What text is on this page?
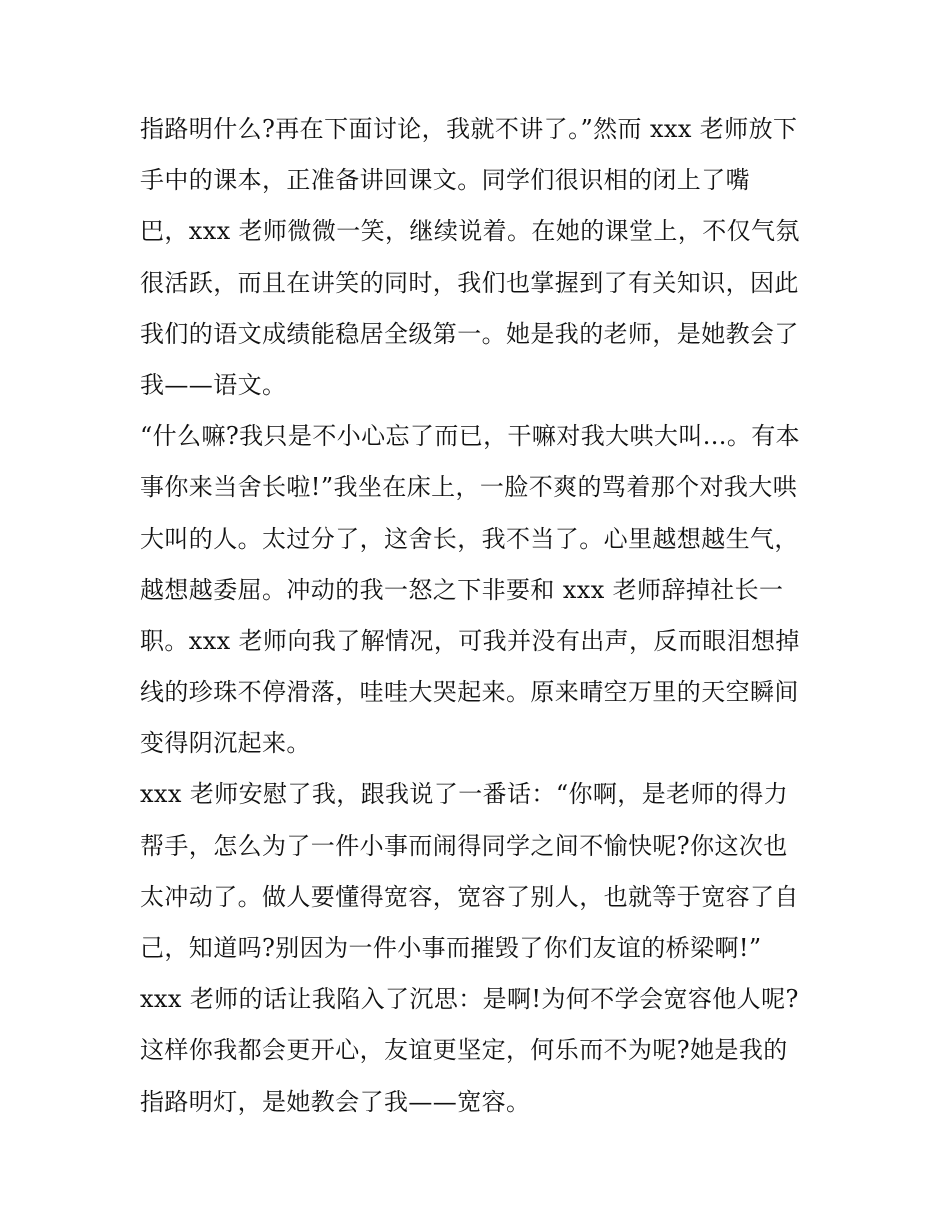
指路明什么?再在下面讨论，我就不讲了。”然而 xxx 老师放下
手中的课本，正准备讲回课文。同学们很识相的闭上了嘴
巴，xxx 老师微微一笑，继续说着。在她的课堂上，不仅气氛
很活跃，而且在讲笑的同时，我们也掌握到了有关知识，因此
我们的语文成绩能稳居全级第一。她是我的老师，是她教会了
我——语文。
“什么嘛?我只是不小心忘了而已，干嘛对我大哄大叫...。有本
事你来当舍长啦!”我坐在床上，一脸不爽的骂着那个对我大哄
大叫的人。太过分了，这舍长，我不当了。心里越想越生气，
越想越委屈。冲动的我一怒之下非要和 xxx 老师辞掉社长一
职。xxx 老师向我了解情况，可我并没有出声，反而眼泪想掉
线的珍珠不停滑落，哇哇大哭起来。原来晴空万里的天空瞬间
变得阴沉起来。
xxx 老师安慰了我，跟我说了一番话：“你啊，是老师的得力
帮手，怎么为了一件小事而闹得同学之间不愉快呢?你这次也
太冲动了。做人要懂得宽容，宽容了别人，也就等于宽容了自
己，知道吗?别因为一件小事而摧毁了你们友谊的桥梁啊!”
xxx 老师的话让我陷入了沉思：是啊!为何不学会宽容他人呢?
这样你我都会更开心，友谊更坚定，何乐而不为呢?她是我的
指路明灯，是她教会了我——宽容。
